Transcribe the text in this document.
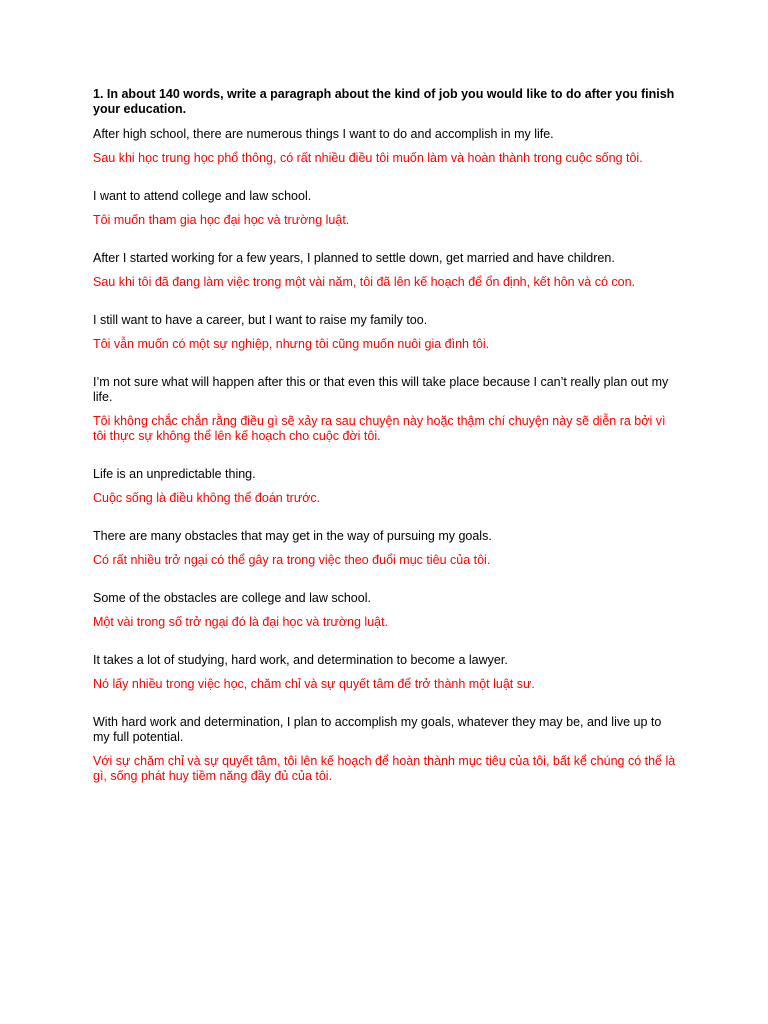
1. In about 140 words, write a paragraph about the kind of job you would like to do after you finish your education.

After high school, there are numerous things I want to do and accomplish in my life.

Sau khi học trung học phổ thông, có rất nhiều điều tôi muốn làm và hoàn thành trong cuộc sống tôi.

I want to attend college and law school.

Tôi muốn tham gia học đại học và trường luật.

After I started working for a few years, I planned to settle down, get married and have children.

Sau khi tôi đã đang làm việc trong một vài năm, tôi đã lên kế hoạch để ổn định, kết hôn và có con.

I still want to have a career, but I want to raise my family too.

Tôi vẫn muốn có một sự nghiệp, nhưng tôi cũng muốn nuôi gia đình tôi.

I’m not sure what will happen after this or that even this will take place because I can’t really plan out my life.

Tôi không chắc chắn rằng điều gì sẽ xảy ra sau chuyện này hoặc thậm chí chuyện này sẽ diễn ra bởi vì tôi thực sự không thể lên kế hoạch cho cuộc đời tôi.

Life is an unpredictable thing.

Cuộc sống là điều không thể đoán trước.

There are many obstacles that may get in the way of pursuing my goals.

Có rất nhiều trở ngại có thể gây ra trong việc theo đuổi mục tiêu của tôi.

Some of the obstacles are college and law school.

Một vài trong số trở ngại đó là đại học và trường luật.

It takes a lot of studying, hard work, and determination to become a lawyer.

Nó lấy nhiều trong việc học, chăm chỉ và sự quyết tâm để trở thành một luật sư.

With hard work and determination, I plan to accomplish my goals, whatever they may be, and live up to my full potential.

Với sự chăm chỉ và sự quyết tâm, tôi lên kế hoạch để hoàn thành mục tiêu của tôi, bất kể chúng có thể là gì, sống phát huy tiềm năng đầy đủ của tôi.
